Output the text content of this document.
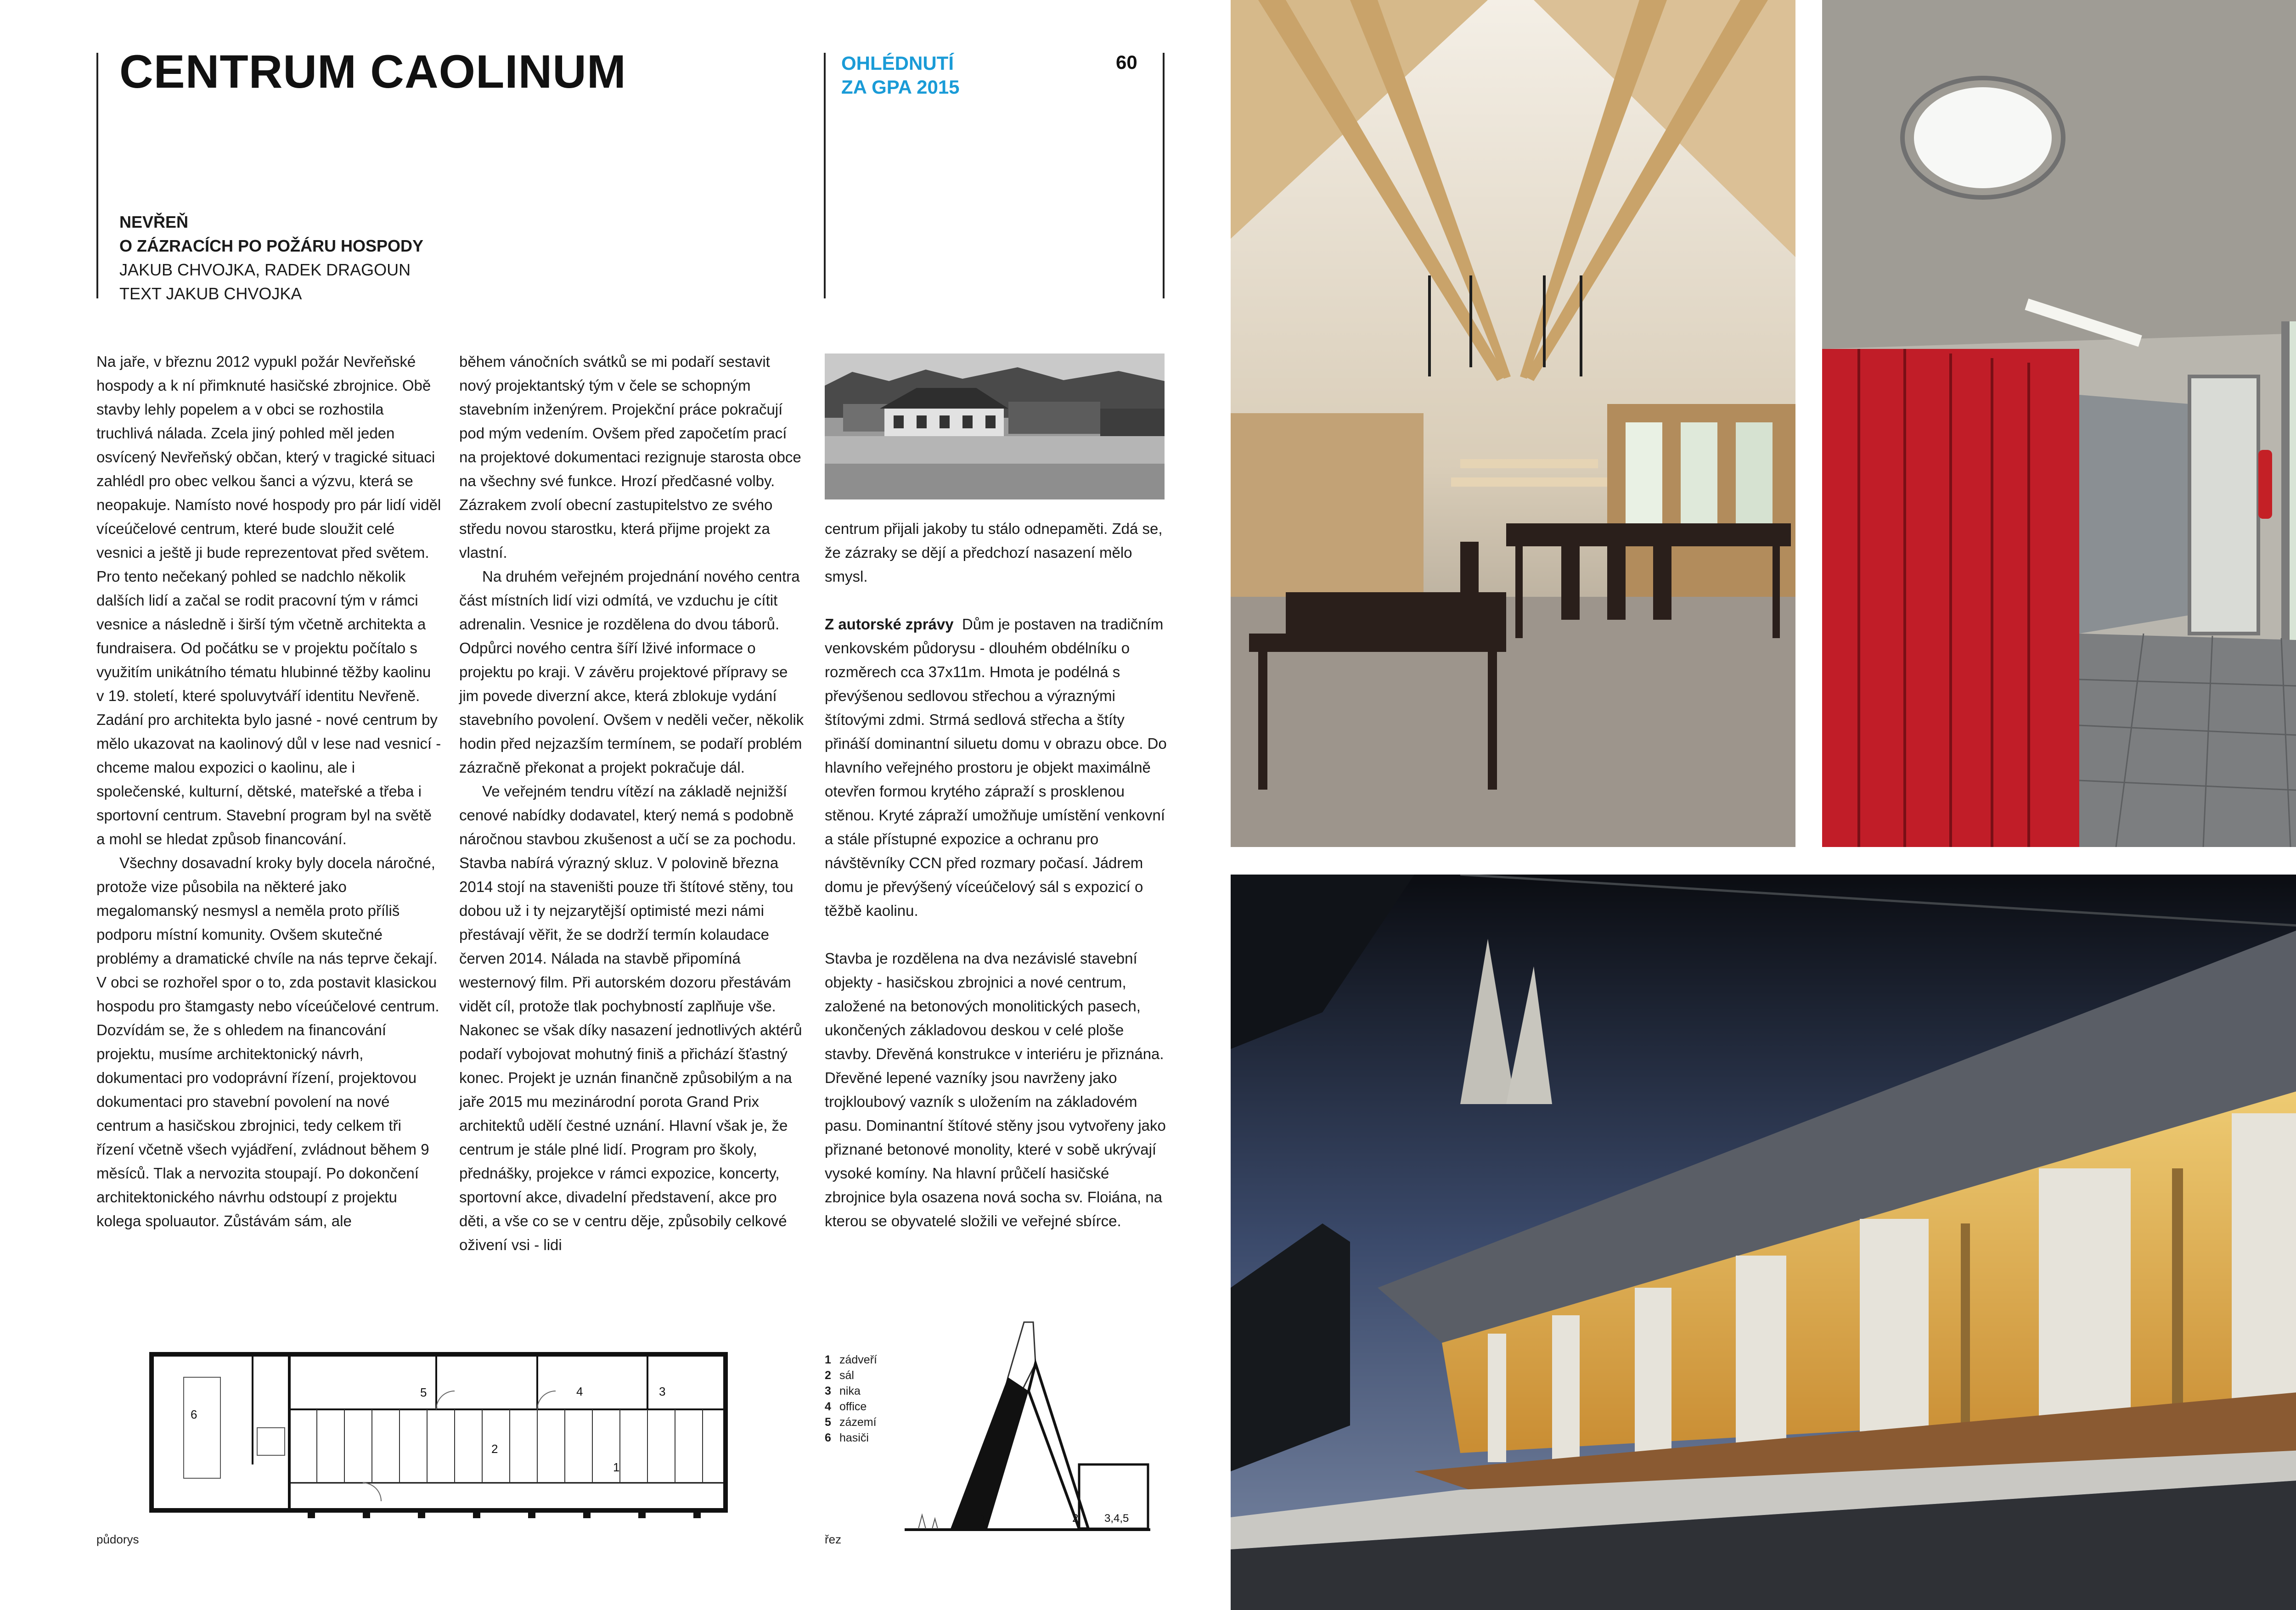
CENTRUM CAOLINUM	OHLÉDNUTÍ
ZA GPA 2015
60
NEVŘEŇ
O ZÁZRACÍCH PO POŽÁRU HOSPODY
JAKUB CHVOJKA, RADEK DRAGOUN
TEXT JAKUB CHVOJKA

Na jaře, v březnu 2012 vypukl požár Nevřeňské hospody a k ní přimknuté hasičské zbrojnice. Obě stavby lehly popelem a v obci se rozhostila truchlivá nálada. Zcela jiný pohled měl jeden osvícený Nevřeňský občan, který v tragické situaci zahlédl pro obec velkou šanci a výzvu, která se neopakuje. Namísto nové hospody pro pár lidí viděl víceúčelové centrum, které bude sloužit celé vesnici a ještě ji bude reprezentovat před světem. Pro tento nečekaný pohled se nadchlo několik dalších lidí a začal se rodit pracovní tým v rámci vesnice a následně i širší tým včetně architekta a fundraisera. Od počátku se v projektu počítalo s využitím unikátního tématu hlubinné těžby kaolinu v 19. století, které spoluvytváří identitu Nevřeně. Zadání pro architekta bylo jasné - nové centrum by mělo ukazovat na kaolinový důl v lese nad vesnicí - chceme malou expozici o kaolinu, ale i společenské, kulturní, dětské, mateřské a třeba i sportovní centrum. Stavební program byl na světě a mohl se hledat způsob financování.

Všechny dosavadní kroky byly docela náročné, protože vize působila na některé jako megalomanský nesmysl a neměla proto příliš podporu místní komunity. Ovšem skutečné problémy a dramatické chvíle na nás teprve čekají. V obci se rozhořel spor o to, zda postavit klasickou hospodu pro štamgasty nebo víceúčelové centrum. Dozvídám se, že s ohledem na financování projektu, musíme architektonický návrh, dokumentaci pro vodoprávní řízení, projektovou dokumentaci pro stavební povolení na nové centrum a hasičskou zbrojnici, tedy celkem tři řízení včetně všech vyjádření, zvládnout během 9 měsíců. Tlak a nervozita stoupají. Po dokončení architektonického návrhu odstoupí z projektu kolega spoluautor. Zůstávám sám, ale

během vánočních svátků se mi podaří sestavit nový projektantský tým v čele se schopným stavebním inženýrem. Projekční práce pokračují pod mým vedením. Ovšem před započetím prací na projektové dokumentaci rezignuje starosta obce na všechny své funkce. Hrozí předčasné volby. Zázrakem zvolí obecní zastupitelstvo ze svého středu novou starostku, která přijme projekt za vlastní.

Na druhém veřejném projednání nového centra část místních lidí vizi odmítá, ve vzduchu je cítit adrenalin. Vesnice je rozdělena do dvou táborů. Odpůrci nového centra šíří lživé informace o projektu po kraji. V závěru projektové přípravy se jim povede diverzní akce, která zblokuje vydání stavebního povolení. Ovšem v neděli večer, několik hodin před nejzazším termínem, se podaří problém zázračně překonat a projekt pokračuje dál.

Ve veřejném tendru vítězí na základě nejnižší cenové nabídky dodavatel, který nemá s podobně náročnou stavbou zkušenost a učí se za pochodu. Stavba nabírá výrazný skluz. V polovině března 2014 stojí na staveništi pouze tři štítové stěny, tou dobou už i ty nejzarytější optimisté mezi námi přestávají věřit, že se dodrží termín kolaudace červen 2014. Nálada na stavbě připomíná westernový film. Při autorském dozoru přestávám vidět cíl, protože tlak pochybností zaplňuje vše. Nakonec se však díky nasazení jednotlivých aktérů podaří vybojovat mohutný finiš a přichází šťastný konec. Projekt je uznán finančně způsobilým a na jaře 2015 mu mezinárodní porota Grand Prix architektů udělí čestné uznání. Hlavní však je, že centrum je stále plné lidí. Program pro školy, přednášky, projekce v rámci expozice, koncerty, sportovní akce, divadelní představení, akce pro děti, a vše co se v centru děje, způsobily celkové oživení vsi - lidi

centrum přijali jakoby tu stálo odnepaměti. Zdá se, že zázraky se dějí a předchozí nasazení mělo smysl.

Z autorské zprávy Dům je postaven na tradičním venkovském půdorysu - dlouhém obdélníku o rozměrech cca 37x11m. Hmota je podélná s převýšenou sedlovou střechou a výraznými štítovými zdmi. Strmá sedlová střecha a štíty přináší dominantní siluetu domu v obrazu obce. Do hlavního veřejného prostoru je objekt maximálně otevřen formou krytého zápraží s prosklenou stěnou. Kryté zápraží umožňuje umístění venkovní a stále přístupné expozice a ochranu pro návštěvníky CCN před rozmary počasí. Jádrem domu je převýšený víceúčelový sál s expozicí o těžbě kaolinu.

Stavba je rozdělena na dva nezávislé stavební objekty - hasičskou zbrojnici a nové centrum, založené na betonových monolitických pasech, ukončených základovou deskou v celé ploše stavby. Dřevěná konstrukce v interiéru je přiznána. Dřevěné lepené vazníky jsou navrženy jako trojkloubový vazník s uložením na základovém pasu. Dominantní štítové stěny jsou vytvořeny jako přiznané betonové monolity, které v sobě ukrývají vysoké komíny. Na hlavní průčelí hasičské zbrojnice byla osazena nová socha sv. Floiána, na kterou se obyvatelé složili ve veřejné sbírce.

1
2
3
4
5
6
půdorys
1 zádveří
2 sál
3 nika
4 office
5 zázemí
6 hasiči
1	2 3,4,5
řez
